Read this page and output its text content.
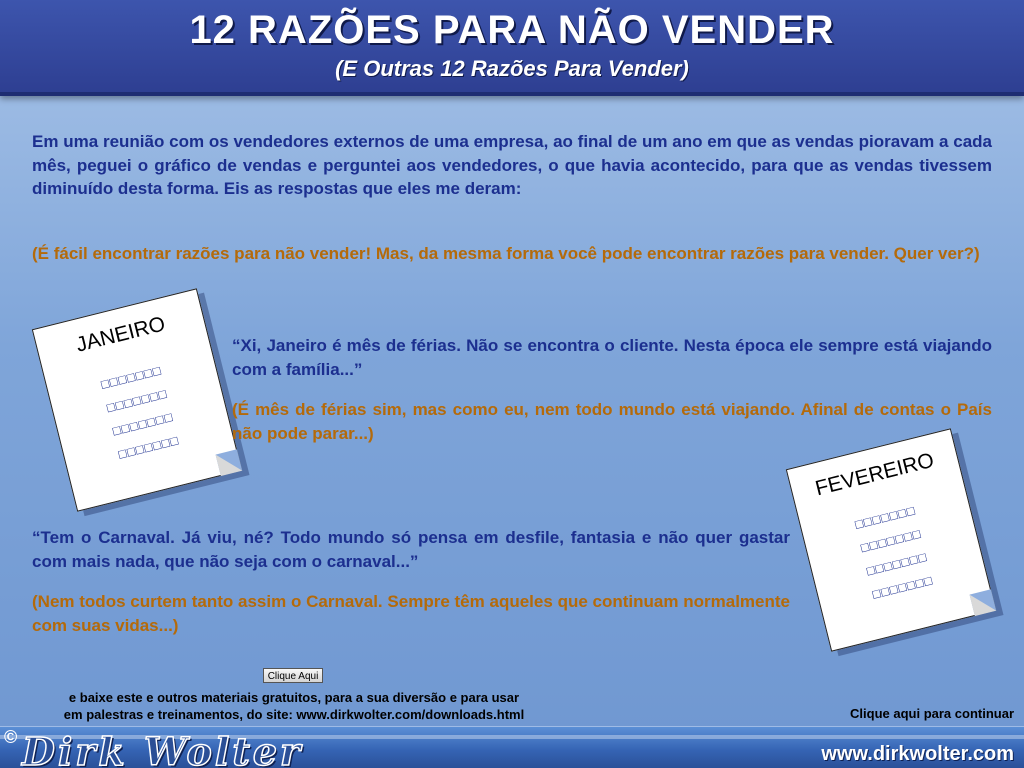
12 RAZÕES PARA NÃO VENDER
(E Outras 12 Razões Para Vender)

Em uma reunião com os vendedores externos de uma empresa, ao final de um ano em que as vendas pioravam a cada mês, peguei o gráfico de vendas e perguntei aos vendedores, o que havia acontecido, para que as vendas tivessem diminuído desta forma. Eis as respostas que eles me deram:

(É fácil encontrar razões para não vender! Mas, da mesma forma você pode encontrar razões para vender. Quer ver?)

JANEIRO
□□□□□□□
□□□□□□□
□□□□□□□
□□□□□□□

“Xi, Janeiro é mês de férias. Não se encontra o cliente. Nesta época ele sempre está viajando com a família...”

(É mês de férias sim, mas como eu, nem todo mundo está viajando. Afinal de contas o País não pode parar...)

FEVEREIRO
□□□□□□□
□□□□□□□
□□□□□□□
□□□□□□□

“Tem o Carnaval. Já viu, né? Todo mundo só pensa em desfile, fantasia e não quer gastar com mais nada, que não seja com o carnaval...”

(Nem todos curtem tanto assim o Carnaval. Sempre têm aqueles que continuam normalmente com suas vidas...)

Clique Aqui
e baixe este e outros materiais gratuitos, para a sua diversão e para usar
em palestras e treinamentos, do site: www.dirkwolter.com/downloads.html	Clique aqui para continuar
Dirk Wolter
©
www.dirkwolter.com
